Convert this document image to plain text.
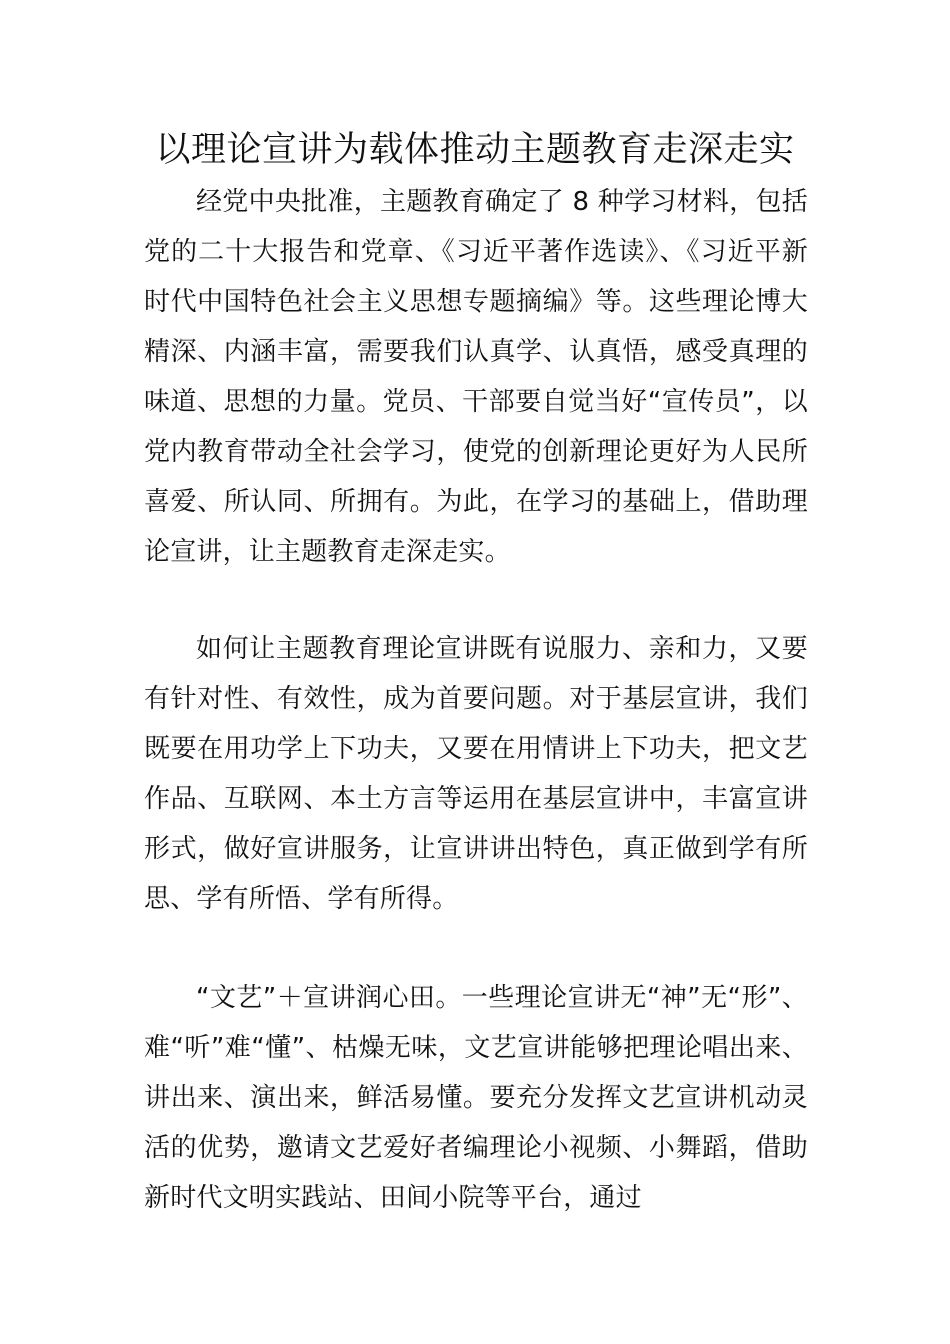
以理论宣讲为载体推动主题教育走深走实

经党中央批准，主题教育确定了 8 种学习材料，包括党的二十大报告和党章、《习近平著作选读》、《习近平新时代中国特色社会主义思想专题摘编》等。这些理论博大精深、内涵丰富，需要我们认真学、认真悟，感受真理的味道、思想的力量。党员、干部要自觉当好“宣传员”，以党内教育带动全社会学习，使党的创新理论更好为人民所喜爱、所认同、所拥有。为此，在学习的基础上，借助理论宣讲，让主题教育走深走实。

如何让主题教育理论宣讲既有说服力、亲和力，又要有针对性、有效性，成为首要问题。对于基层宣讲，我们既要在用功学上下功夫，又要在用情讲上下功夫，把文艺作品、互联网、本土方言等运用在基层宣讲中，丰富宣讲形式，做好宣讲服务，让宣讲讲出特色，真正做到学有所思、学有所悟、学有所得。

“文艺”＋宣讲润心田。一些理论宣讲无“神”无“形”、难“听”难“懂”、枯燥无味，文艺宣讲能够把理论唱出来、讲出来、演出来，鲜活易懂。要充分发挥文艺宣讲机动灵活的优势，邀请文艺爱好者编理论小视频、小舞蹈，借助新时代文明实践站、田间小院等平台，通过
